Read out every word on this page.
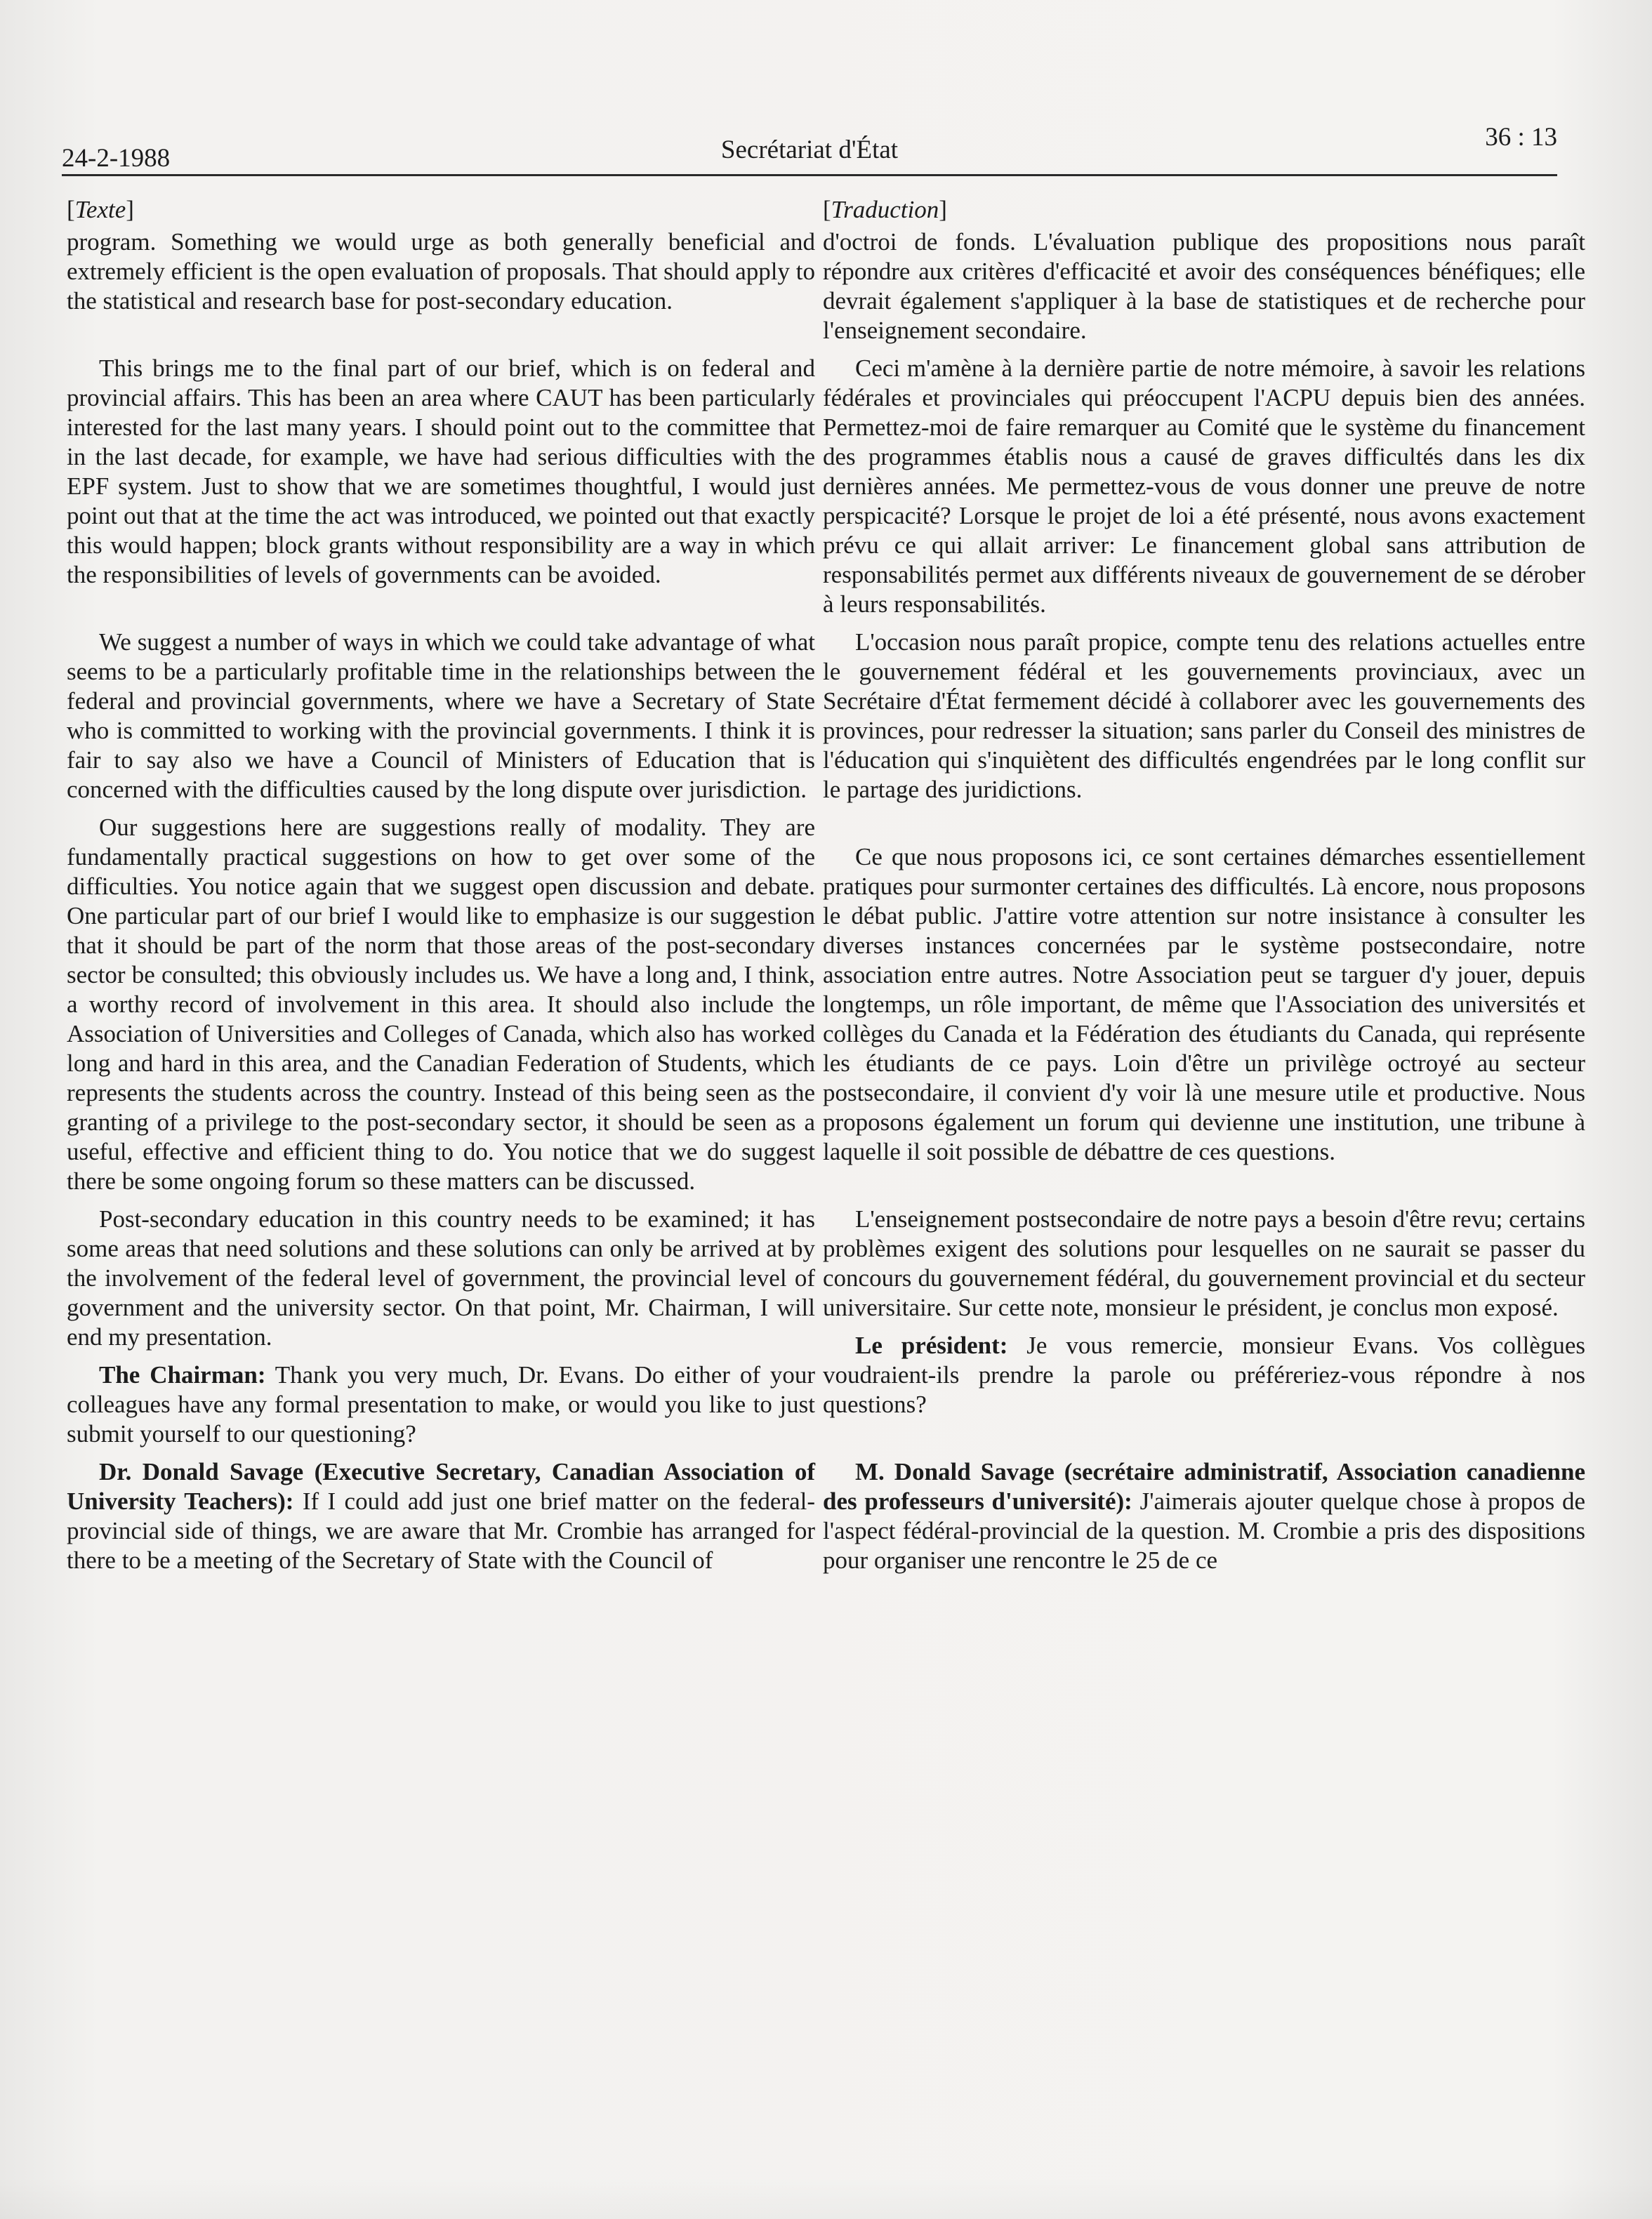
24-2-1988	Secrétariat d'État	36 : 13
[Texte]

program. Something we would urge as both generally beneficial and extremely efficient is the open evaluation of proposals. That should apply to the statistical and research base for post-secondary education.

This brings me to the final part of our brief, which is on federal and provincial affairs. This has been an area where CAUT has been particularly interested for the last many years. I should point out to the committee that in the last decade, for example, we have had serious difficulties with the EPF system. Just to show that we are sometimes thoughtful, I would just point out that at the time the act was introduced, we pointed out that exactly this would happen; block grants without responsibility are a way in which the responsibilities of levels of governments can be avoided.

We suggest a number of ways in which we could take advantage of what seems to be a particularly profitable time in the relationships between the federal and provincial governments, where we have a Secretary of State who is committed to working with the provincial governments. I think it is fair to say also we have a Council of Ministers of Education that is concerned with the difficulties caused by the long dispute over jurisdiction.

Our suggestions here are suggestions really of modality. They are fundamentally practical suggestions on how to get over some of the difficulties. You notice again that we suggest open discussion and debate. One particular part of our brief I would like to emphasize is our suggestion that it should be part of the norm that those areas of the post-secondary sector be consulted; this obviously includes us. We have a long and, I think, a worthy record of involvement in this area. It should also include the Association of Universities and Colleges of Canada, which also has worked long and hard in this area, and the Canadian Federation of Students, which represents the students across the country. Instead of this being seen as the granting of a privilege to the post-secondary sector, it should be seen as a useful, effective and efficient thing to do. You notice that we do suggest there be some ongoing forum so these matters can be discussed.

Post-secondary education in this country needs to be examined; it has some areas that need solutions and these solutions can only be arrived at by the involvement of the federal level of government, the provincial level of government and the university sector. On that point, Mr. Chairman, I will end my presentation.

The Chairman: Thank you very much, Dr. Evans. Do either of your colleagues have any formal presentation to make, or would you like to just submit yourself to our questioning?

Dr. Donald Savage (Executive Secretary, Canadian Association of University Teachers): If I could add just one brief matter on the federal-provincial side of things, we are aware that Mr. Crombie has arranged for there to be a meeting of the Secretary of State with the Council of

[Traduction]

d'octroi de fonds. L'évaluation publique des propositions nous paraît répondre aux critères d'efficacité et avoir des conséquences bénéfiques; elle devrait également s'appliquer à la base de statistiques et de recherche pour l'enseignement secondaire.

Ceci m'amène à la dernière partie de notre mémoire, à savoir les relations fédérales et provinciales qui préoccupent l'ACPU depuis bien des années. Permettez-moi de faire remarquer au Comité que le système du financement des programmes établis nous a causé de graves difficultés dans les dix dernières années. Me permettez-vous de vous donner une preuve de notre perspicacité? Lorsque le projet de loi a été présenté, nous avons exactement prévu ce qui allait arriver: Le financement global sans attribution de responsabilités permet aux différents niveaux de gouvernement de se dérober à leurs responsabilités.

L'occasion nous paraît propice, compte tenu des relations actuelles entre le gouvernement fédéral et les gouvernements provinciaux, avec un Secrétaire d'État fermement décidé à collaborer avec les gouvernements des provinces, pour redresser la situation; sans parler du Conseil des ministres de l'éducation qui s'inquiètent des difficultés engendrées par le long conflit sur le partage des juridictions.

Ce que nous proposons ici, ce sont certaines démarches essentiellement pratiques pour surmonter certaines des difficultés. Là encore, nous proposons le débat public. J'attire votre attention sur notre insistance à consulter les diverses instances concernées par le système postsecondaire, notre association entre autres. Notre Association peut se targuer d'y jouer, depuis longtemps, un rôle important, de même que l'Association des universités et collèges du Canada et la Fédération des étudiants du Canada, qui représente les étudiants de ce pays. Loin d'être un privilège octroyé au secteur postsecondaire, il convient d'y voir là une mesure utile et productive. Nous proposons également un forum qui devienne une institution, une tribune à laquelle il soit possible de débattre de ces questions.

L'enseignement postsecondaire de notre pays a besoin d'être revu; certains problèmes exigent des solutions pour lesquelles on ne saurait se passer du concours du gouvernement fédéral, du gouvernement provincial et du secteur universitaire. Sur cette note, monsieur le président, je conclus mon exposé.

Le président: Je vous remercie, monsieur Evans. Vos collègues voudraient-ils prendre la parole ou préféreriez-vous répondre à nos questions?

M. Donald Savage (secrétaire administratif, Association canadienne des professeurs d'université): J'aimerais ajouter quelque chose à propos de l'aspect fédéral-provincial de la question. M. Crombie a pris des dispositions pour organiser une rencontre le 25 de ce
